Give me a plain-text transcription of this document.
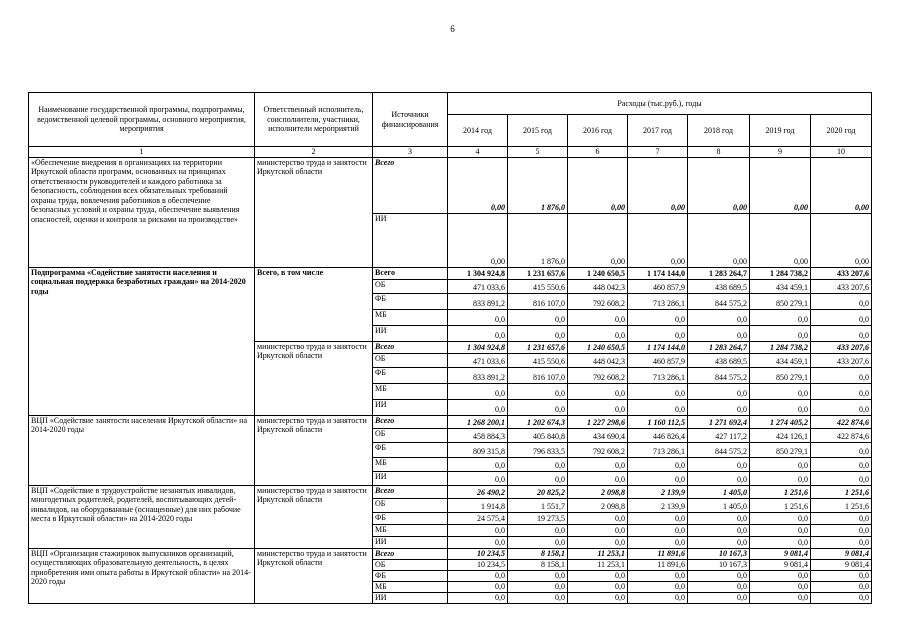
6
Наименование государственной программы, подпрограммы, ведомственной целевой программы, основного мероприятия, мероприятия	Ответственный исполнитель, соисполнители, участники, исполнители мероприятий	Источники финансирования	Расходы (тыс.руб.), годы						
			2014 год	2015 год	2016 год	2017 год	2018 год	2019 год	2020 год
1	2	3	4	5	6	7	8	9	10
«Обеспечение внедрения в организациях на территории Иркутской области программ, основанных на принципах ответственности руководителей и каждого работника за безопасность, соблюдения всех обязательных требований охраны труда, вовлечения работников в обеспечение безопасных условий и охраны труда, обеспечение выявления опасностей, оценки и контроля за рисками на производстве»	министерство труда и занятости Иркутской области	Всего	0,00	1 876,0	0,00	0,00	0,00	0,00	0,00
		ИИ	0,00	1 876,0	0,00	0,00	0,00	0,00	0,00
Подпрограмма «Содействие занятости населения и социальная поддержка безработных граждан» на 2014-2020 годы	Всего, в том числе	Всего	1 304 924,8	1 231 657,6	1 240 650,5	1 174 144,0	1 283 264,7	1 284 738,2	433 207,6
		ОБ	471 033,6	415 550,6	448 042,3	460 857,9	438 689,5	434 459,1	433 207,6
		ФБ	833 891,2	816 107,0	792 608,2	713 286,1	844 575,2	850 279,1	0,0
		МБ	0,0	0,0	0,0	0,0	0,0	0,0	0,0
		ИИ	0,0	0,0	0,0	0,0	0,0	0,0	0,0
	министерство труда и занятости Иркутской области	Всего	1 304 924,8	1 231 657,6	1 240 650,5	1 174 144,0	1 283 264,7	1 284 738,2	433 207,6
		ОБ	471 033,6	415 550,6	448 042,3	460 857,9	438 689,5	434 459,1	433 207,6
		ФБ	833 891,2	816 107,0	792 608,2	713 286,1	844 575,2	850 279,1	0,0
		МБ	0,0	0,0	0,0	0,0	0,0	0,0	0,0
		ИИ	0,0	0,0	0,0	0,0	0,0	0,0	0,0
ВЦП «Содействие занятости населения Иркутской области» на 2014-2020 годы	министерство труда и занятости Иркутской области	Всего	1 268 200,1	1 202 674,3	1 227 298,6	1 160 112,5	1 271 692,4	1 274 405,2	422 874,6
		ОБ	458 884,3	405 840,8	434 690,4	446 826,4	427 117,2	424 126,1	422 874,6
		ФБ	809 315,8	796 833,5	792 608,2	713 286,1	844 575,2	850 279,1	0,0
		МБ	0,0	0,0	0,0	0,0	0,0	0,0	0,0
		ИИ	0,0	0,0	0,0	0,0	0,0	0,0	0,0
ВЦП «Содействие в трудоустройстве незанятых инвалидов, многодетных родителей, родителей, воспитывающих детей-инвалидов, на оборудованные (оснащенные) для них рабочие места в Иркутской области» на 2014-2020 годы	министерство труда и занятости Иркутской области	Всего	26 490,2	20 825,2	2 098,8	2 139,9	1 405,0	1 251,6	1 251,6
		ОБ	1 914,8	1 551,7	2 098,8	2 139,9	1 405,0	1 251,6	1 251,6
		ФБ	24 575,4	19 273,5	0,0	0,0	0,0	0,0	0,0
		МБ	0,0	0,0	0,0	0,0	0,0	0,0	0,0
		ИИ	0,0	0,0	0,0	0,0	0,0	0,0	0,0
ВЦП «Организация стажировок выпускников организаций, осуществляющих образовательную деятельность, в целях приобретения ими опыта работы в Иркутской области» на 2014-2020 годы	министерство труда и занятости Иркутской области	Всего	10 234,5	8 158,1	11 253,1	11 891,6	10 167,3	9 081,4	9 081,4
		ОБ	10 234,5	8 158,1	11 253,1	11 891,6	10 167,3	9 081,4	9 081,4
		ФБ	0,0	0,0	0,0	0,0	0,0	0,0	0,0
		МБ	0,0	0,0	0,0	0,0	0,0	0,0	0,0
		ИИ	0,0	0,0	0,0	0,0	0,0	0,0	0,0
